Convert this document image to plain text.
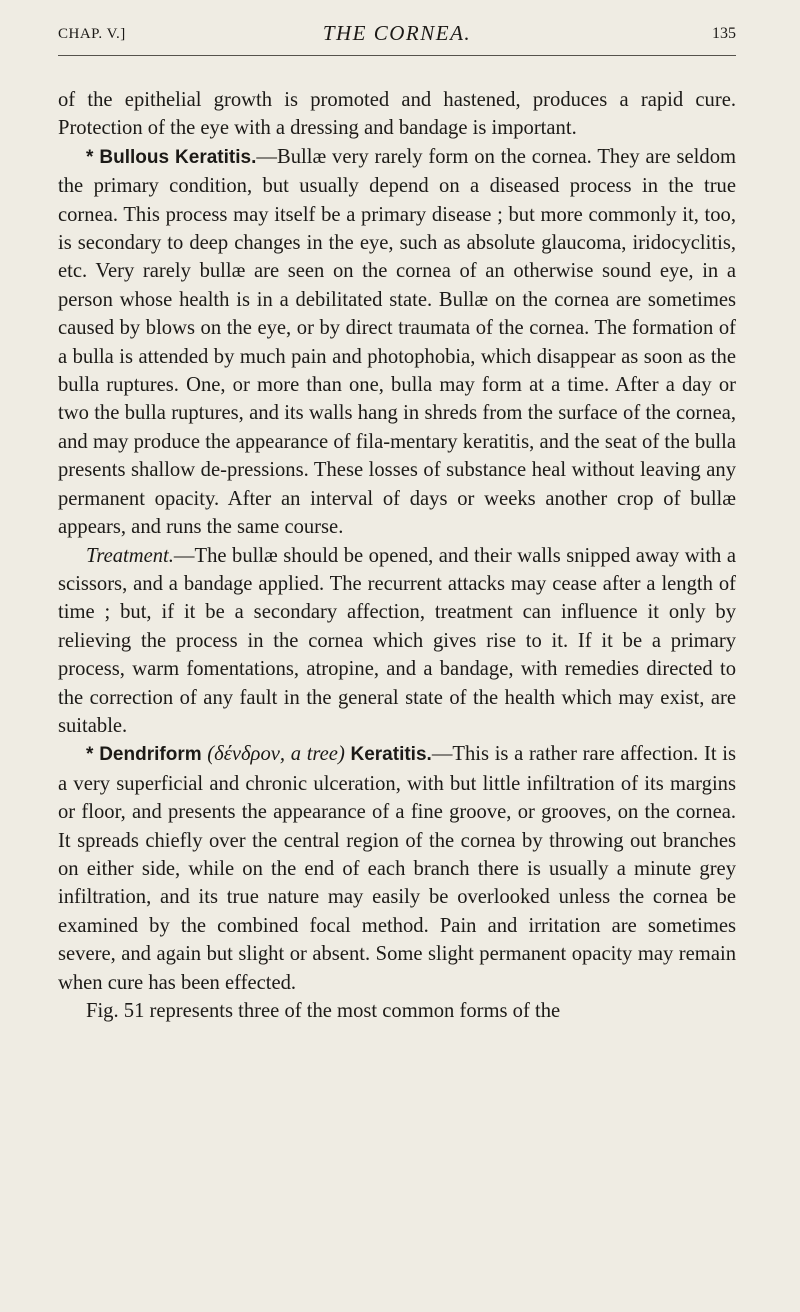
CHAP. V.]	THE CORNEA.	135

of the epithelial growth is promoted and hastened, produces a rapid cure. Protection of the eye with a dressing and bandage is important.

* Bullous Keratitis.—Bullæ very rarely form on the cornea. They are seldom the primary condition, but usually depend on a diseased process in the true cornea. This process may itself be a primary disease ; but more commonly it, too, is secondary to deep changes in the eye, such as absolute glaucoma, iridocyclitis, etc. Very rarely bullæ are seen on the cornea of an otherwise sound eye, in a person whose health is in a debilitated state. Bullæ on the cornea are sometimes caused by blows on the eye, or by direct traumata of the cornea. The formation of a bulla is attended by much pain and photophobia, which disappear as soon as the bulla ruptures. One, or more than one, bulla may form at a time. After a day or two the bulla ruptures, and its walls hang in shreds from the surface of the cornea, and may produce the appearance of fila-mentary keratitis, and the seat of the bulla presents shallow de-pressions. These losses of substance heal without leaving any permanent opacity. After an interval of days or weeks another crop of bullæ appears, and runs the same course.

Treatment.—The bullæ should be opened, and their walls snipped away with a scissors, and a bandage applied. The recurrent attacks may cease after a length of time ; but, if it be a secondary affection, treatment can influence it only by relieving the process in the cornea which gives rise to it. If it be a primary process, warm fomentations, atropine, and a bandage, with remedies directed to the correction of any fault in the general state of the health which may exist, are suitable.

* Dendriform (δένδρον, a tree) Keratitis.—This is a rather rare affection. It is a very superficial and chronic ulceration, with but little infiltration of its margins or floor, and presents the appearance of a fine groove, or grooves, on the cornea. It spreads chiefly over the central region of the cornea by throwing out branches on either side, while on the end of each branch there is usually a minute grey infiltration, and its true nature may easily be overlooked unless the cornea be examined by the combined focal method. Pain and irritation are sometimes severe, and again but slight or absent. Some slight permanent opacity may remain when cure has been effected.

Fig. 51 represents three of the most common forms of the
